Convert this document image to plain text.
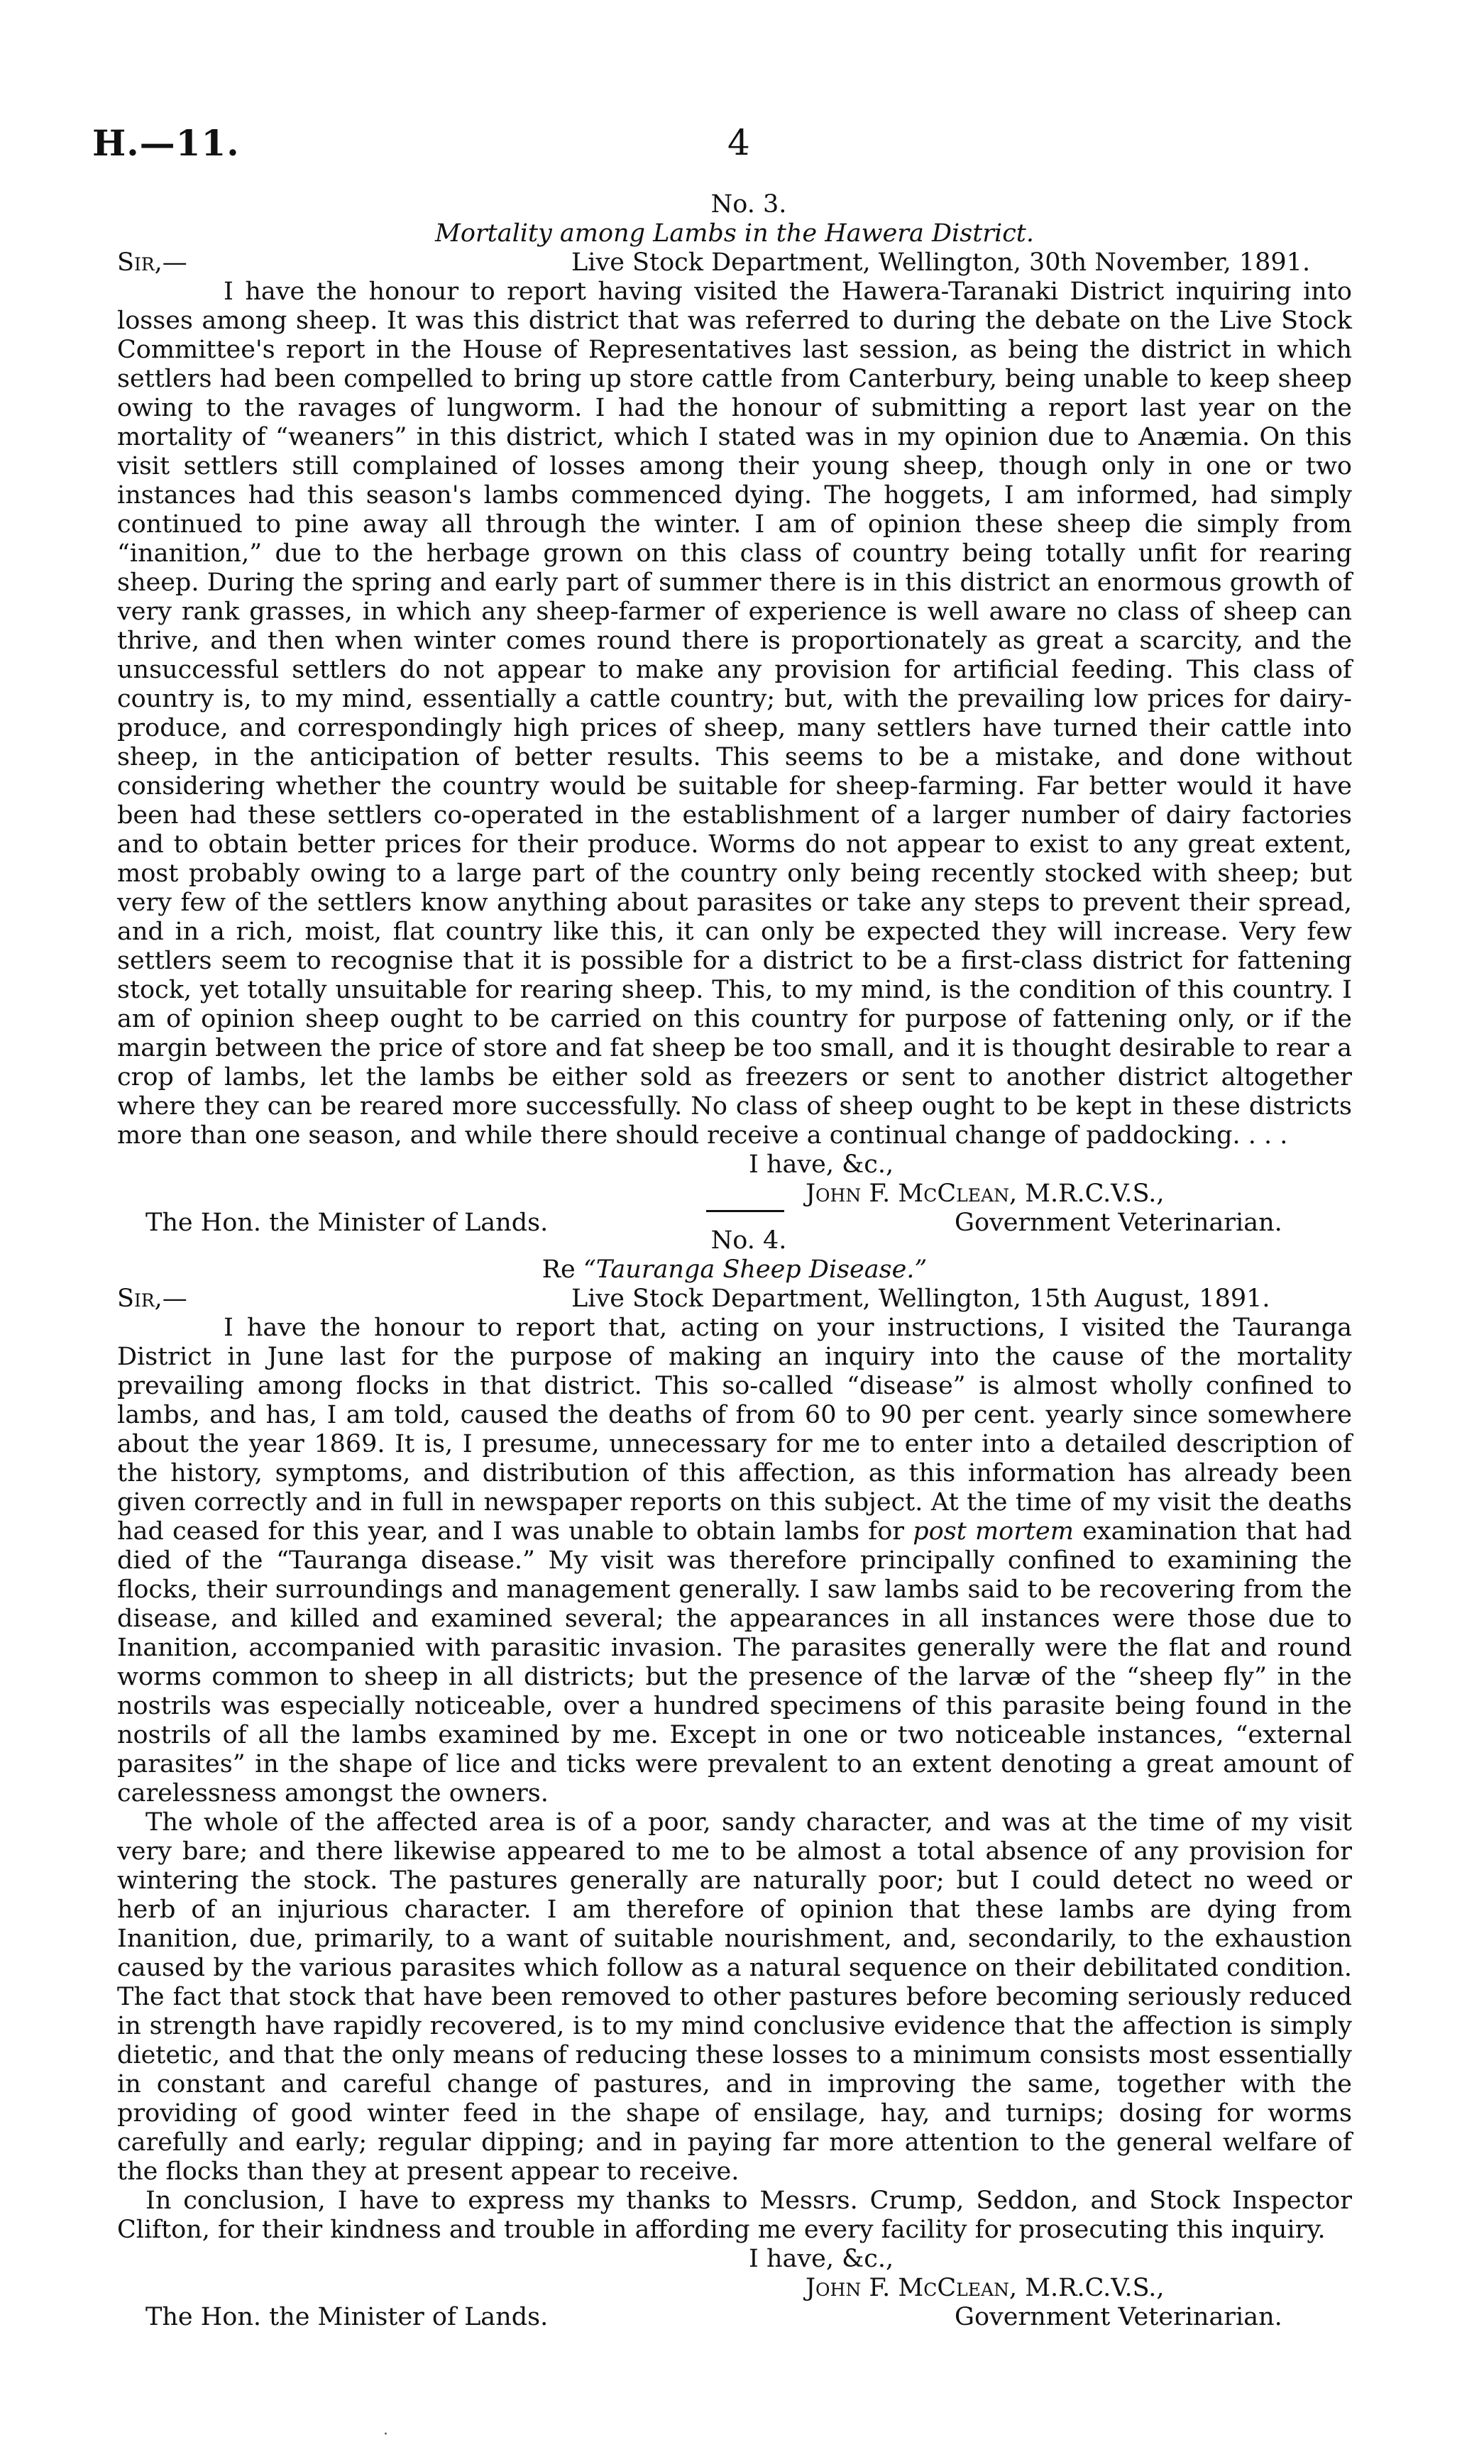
H.—11.	4
No. 3.
Mortality among Lambs in the Hawera District.
Sir,—	Live Stock Department, Wellington, 30th November, 1891.

I have the honour to report having visited the Hawera-Taranaki District inquiring into losses among sheep. It was this district that was referred to during the debate on the Live Stock Committee's report in the House of Representatives last session, as being the district in which settlers had been compelled to bring up store cattle from Canterbury, being unable to keep sheep owing to the ravages of lungworm. I had the honour of submitting a report last year on the mortality of “weaners” in this district, which I stated was in my opinion due to Anæmia. On this visit settlers still complained of losses among their young sheep, though only in one or two instances had this season's lambs commenced dying. The hoggets, I am informed, had simply continued to pine away all through the winter. I am of opinion these sheep die simply from “inanition,” due to the herbage grown on this class of country being totally unfit for rearing sheep. During the spring and early part of summer there is in this district an enormous growth of very rank grasses, in which any sheep-farmer of experience is well aware no class of sheep can thrive, and then when winter comes round there is proportionately as great a scarcity, and the unsuccessful settlers do not appear to make any provision for artificial feeding. This class of country is, to my mind, essentially a cattle country; but, with the prevailing low prices for dairy-produce, and correspondingly high prices of sheep, many settlers have turned their cattle into sheep, in the anticipation of better results. This seems to be a mistake, and done without considering whether the country would be suitable for sheep-farming. Far better would it have been had these settlers co-operated in the establishment of a larger number of dairy factories and to obtain better prices for their produce. Worms do not appear to exist to any great extent, most probably owing to a large part of the country only being recently stocked with sheep; but very few of the settlers know anything about parasites or take any steps to prevent their spread, and in a rich, moist, flat country like this, it can only be expected they will increase. Very few settlers seem to recognise that it is possible for a district to be a first-class district for fattening stock, yet totally unsuitable for rearing sheep. This, to my mind, is the condition of this country. I am of opinion sheep ought to be carried on this country for purpose of fattening only, or if the margin between the price of store and fat sheep be too small, and it is thought desirable to rear a crop of lambs, let the lambs be either sold as freezers or sent to another district altogether where they can be reared more successfully. No class of sheep ought to be kept in these districts more than one season, and while there should receive a continual change of paddocking. . . .

I have, &c.,
John F. McClean, M.R.C.V.S.,
The Hon. the Minister of Lands.	Government Veterinarian.
No. 4.
Re “Tauranga Sheep Disease.”
Sir,—	Live Stock Department, Wellington, 15th August, 1891.

I have the honour to report that, acting on your instructions, I visited the Tauranga District in June last for the purpose of making an inquiry into the cause of the mortality prevailing among flocks in that district. This so-called “disease” is almost wholly confined to lambs, and has, I am told, caused the deaths of from 60 to 90 per cent. yearly since somewhere about the year 1869. It is, I presume, unnecessary for me to enter into a detailed description of the history, symptoms, and distribution of this affection, as this information has already been given correctly and in full in newspaper reports on this subject. At the time of my visit the deaths had ceased for this year, and I was unable to obtain lambs for post mortem examination that had died of the “Tauranga disease.” My visit was therefore principally confined to examining the flocks, their surroundings and management generally. I saw lambs said to be recovering from the disease, and killed and examined several; the appearances in all instances were those due to Inanition, accompanied with parasitic invasion. The parasites generally were the flat and round worms common to sheep in all districts; but the presence of the larvæ of the “sheep fly” in the nostrils was especially noticeable, over a hundred specimens of this parasite being found in the nostrils of all the lambs examined by me. Except in one or two noticeable instances, “external parasites” in the shape of lice and ticks were prevalent to an extent denoting a great amount of carelessness amongst the owners.

The whole of the affected area is of a poor, sandy character, and was at the time of my visit very bare; and there likewise appeared to me to be almost a total absence of any provision for wintering the stock. The pastures generally are naturally poor; but I could detect no weed or herb of an injurious character. I am therefore of opinion that these lambs are dying from Inanition, due, primarily, to a want of suitable nourishment, and, secondarily, to the exhaustion caused by the various parasites which follow as a natural sequence on their debilitated condition. The fact that stock that have been removed to other pastures before becoming seriously reduced in strength have rapidly recovered, is to my mind conclusive evidence that the affection is simply dietetic, and that the only means of reducing these losses to a minimum consists most essentially in constant and careful change of pastures, and in improving the same, together with the providing of good winter feed in the shape of ensilage, hay, and turnips; dosing for worms carefully and early; regular dipping; and in paying far more attention to the general welfare of the flocks than they at present appear to receive.

In conclusion, I have to express my thanks to Messrs. Crump, Seddon, and Stock Inspector Clifton, for their kindness and trouble in affording me every facility for prosecuting this inquiry.

I have, &c.,
John F. McClean, M.R.C.V.S.,
The Hon. the Minister of Lands.	Government Veterinarian.
·
